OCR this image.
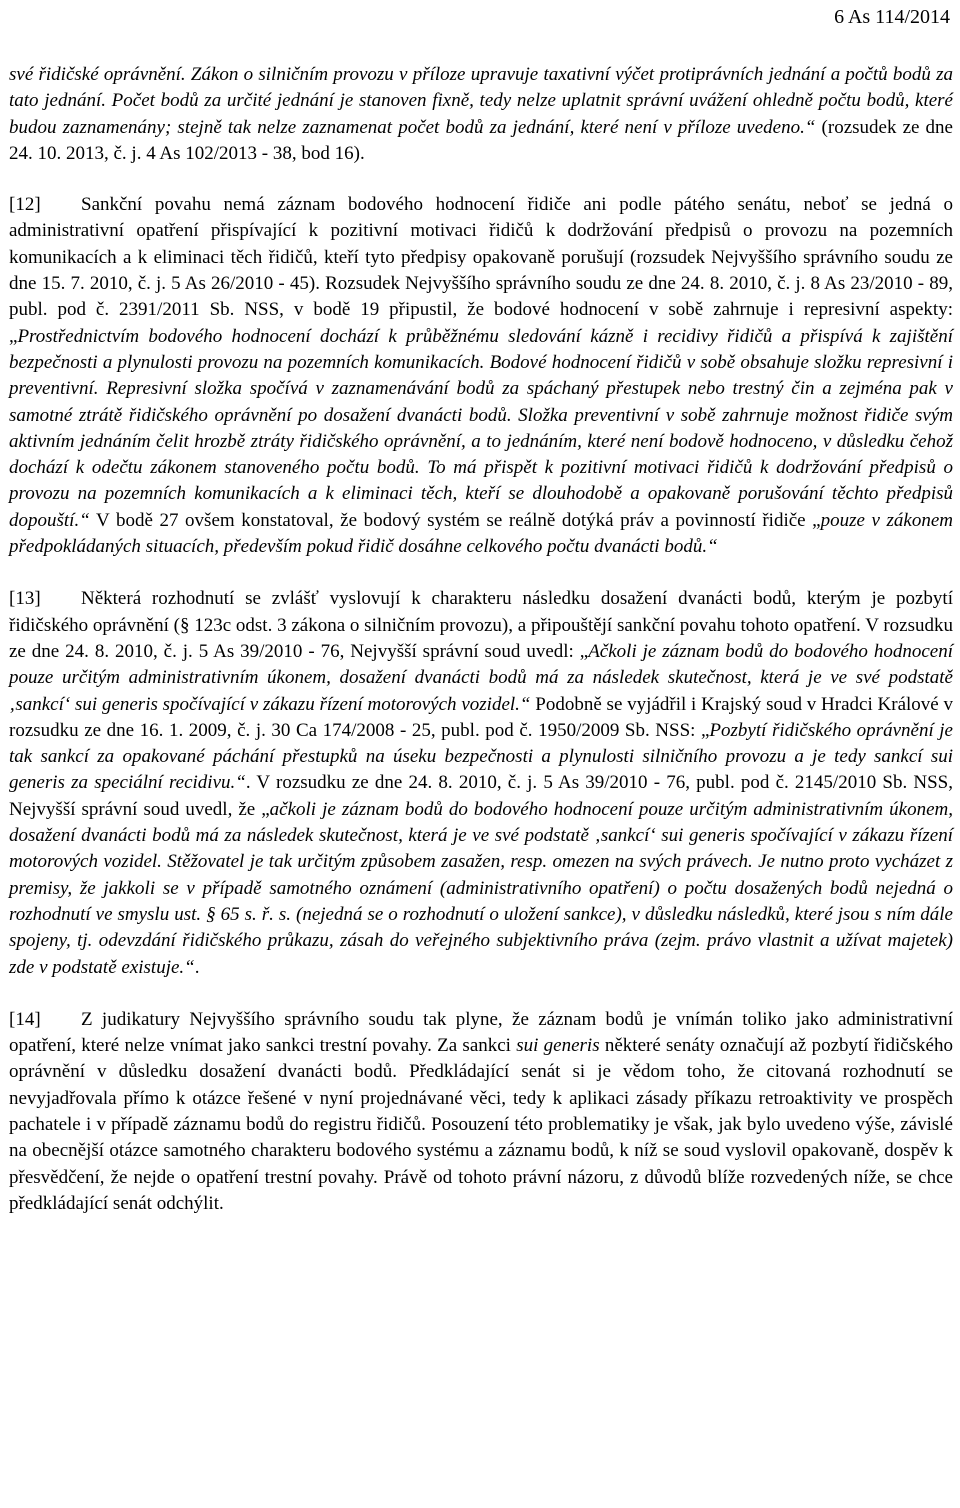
6 As 114/2014

své řidičské oprávnění. Zákon o silničním provozu v příloze upravuje taxativní výčet protiprávních jednání a počtů bodů za tato jednání. Počet bodů za určité jednání je stanoven fixně, tedy nelze uplatnit správní uvážení ohledně počtu bodů, které budou zaznamenány; stejně tak nelze zaznamenat počet bodů za jednání, které není v příloze uvedeno.“ (rozsudek ze dne 24. 10. 2013, č. j. 4 As 102/2013 - 38, bod 16).

[12] Sankční povahu nemá záznam bodového hodnocení řidiče ani podle pátého senátu, neboť se jedná o administrativní opatření přispívající k pozitivní motivaci řidičů k dodržování předpisů o provozu na pozemních komunikacích a k eliminaci těch řidičů, kteří tyto předpisy opakovaně porušují (rozsudek Nejvyššího správního soudu ze dne 15. 7. 2010, č. j. 5 As 26/2010 - 45). Rozsudek Nejvyššího správního soudu ze dne 24. 8. 2010, č. j. 8 As 23/2010 - 89, publ. pod č. 2391/2011 Sb. NSS, v bodě 19 připustil, že bodové hodnocení v sobě zahrnuje i represivní aspekty: „Prostřednictvím bodového hodnocení dochází k průběžnému sledování kázně i recidivy řidičů a přispívá k zajištění bezpečnosti a plynulosti provozu na pozemních komunikacích. Bodové hodnocení řidičů v sobě obsahuje složku represivní i preventivní. Represivní složka spočívá v zaznamenávání bodů za spáchaný přestupek nebo trestný čin a zejména pak v samotné ztrátě řidičského oprávnění po dosažení dvanácti bodů. Složka preventivní v sobě zahrnuje možnost řidiče svým aktivním jednáním čelit hrozbě ztráty řidičského oprávnění, a to jednáním, které není bodově hodnoceno, v důsledku čehož dochází k odečtu zákonem stanoveného počtu bodů. To má přispět k pozitivní motivaci řidičů k dodržování předpisů o provozu na pozemních komunikacích a k eliminaci těch, kteří se dlouhodobě a opakovaně porušování těchto předpisů dopouští.“ V bodě 27 ovšem konstatoval, že bodový systém se reálně dotýká práv a povinností řidiče „pouze v zákonem předpokládaných situacích, především pokud řidič dosáhne celkového počtu dvanácti bodů.“

[13] Některá rozhodnutí se zvlášť vyslovují k charakteru následku dosažení dvanácti bodů, kterým je pozbytí řidičského oprávnění (§ 123c odst. 3 zákona o silničním provozu), a připouštějí sankční povahu tohoto opatření. V rozsudku ze dne 24. 8. 2010, č. j. 5 As 39/2010 - 76, Nejvyšší správní soud uvedl: „Ačkoli je záznam bodů do bodového hodnocení pouze určitým administrativním úkonem, dosažení dvanácti bodů má za následek skutečnost, která je ve své podstatě ‚sankcí‘ sui generis spočívající v zákazu řízení motorových vozidel.“ Podobně se vyjádřil i Krajský soud v Hradci Králové v rozsudku ze dne 16. 1. 2009, č. j. 30 Ca 174/2008 - 25, publ. pod č. 1950/2009 Sb. NSS: „Pozbytí řidičského oprávnění je tak sankcí za opakované páchání přestupků na úseku bezpečnosti a plynulosti silničního provozu a je tedy sankcí sui generis za speciální recidivu.“. V rozsudku ze dne 24. 8. 2010, č. j. 5 As 39/2010 - 76, publ. pod č. 2145/2010 Sb. NSS, Nejvyšší správní soud uvedl, že „ačkoli je záznam bodů do bodového hodnocení pouze určitým administrativním úkonem, dosažení dvanácti bodů má za následek skutečnost, která je ve své podstatě ‚sankcí‘ sui generis spočívající v zákazu řízení motorových vozidel. Stěžovatel je tak určitým způsobem zasažen, resp. omezen na svých právech. Je nutno proto vycházet z premisy, že jakkoli se v případě samotného oznámení (administrativního opatření) o počtu dosažených bodů nejedná o rozhodnutí ve smyslu ust. § 65 s. ř. s. (nejedná se o rozhodnutí o uložení sankce), v důsledku následků, které jsou s ním dále spojeny, tj. odevzdání řidičského průkazu, zásah do veřejného subjektivního práva (zejm. právo vlastnit a užívat majetek) zde v podstatě existuje.“.

[14] Z judikatury Nejvyššího správního soudu tak plyne, že záznam bodů je vnímán toliko jako administrativní opatření, které nelze vnímat jako sankci trestní povahy. Za sankci sui generis některé senáty označují až pozbytí řidičského oprávnění v důsledku dosažení dvanácti bodů. Předkládající senát si je vědom toho, že citovaná rozhodnutí se nevyjadřovala přímo k otázce řešené v nyní projednávané věci, tedy k aplikaci zásady příkazu retroaktivity ve prospěch pachatele i v případě záznamu bodů do registru řidičů. Posouzení této problematiky je však, jak bylo uvedeno výše, závislé na obecnější otázce samotného charakteru bodového systému a záznamu bodů, k níž se soud vyslovil opakovaně, dospěv k přesvědčení, že nejde o opatření trestní povahy. Právě od tohoto právní názoru, z důvodů blíže rozvedených níže, se chce předkládající senát odchýlit.
